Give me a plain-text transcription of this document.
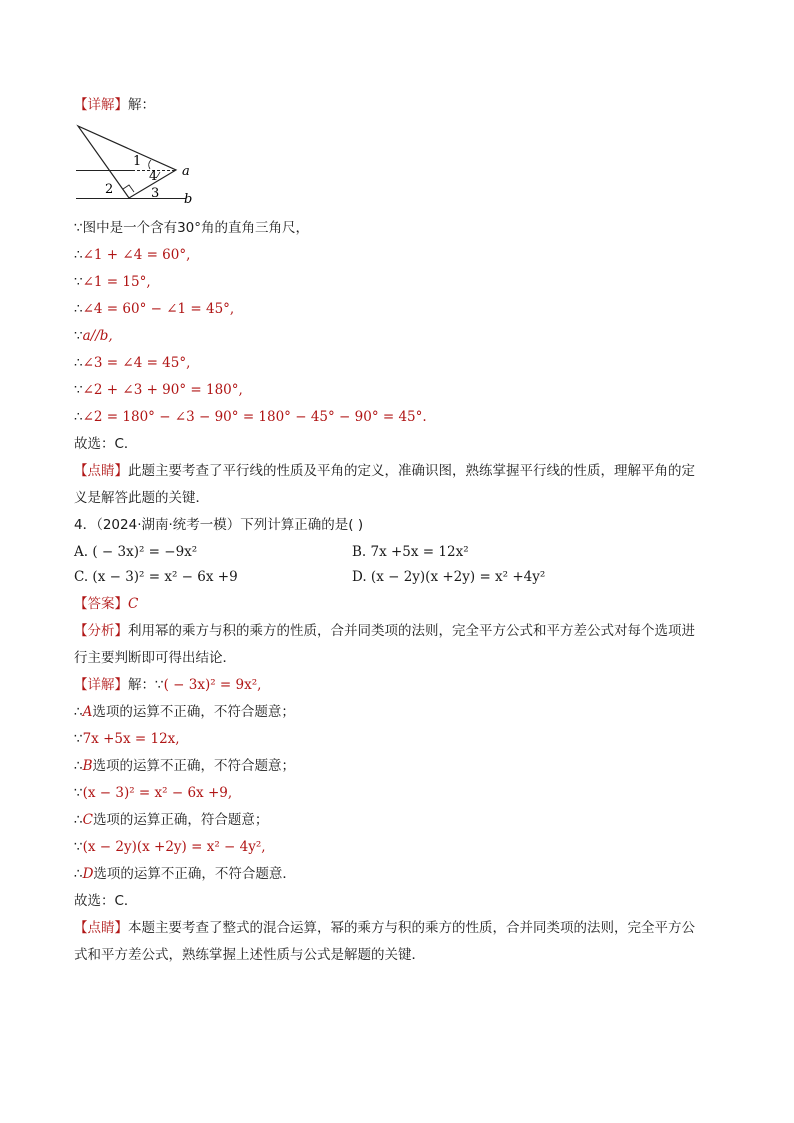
【详解】解：
1
2	3
4 a
b
∵图中是一个含有30°角的直角三角尺，
∴∠1 + ∠4 = 60°,
∵∠1 = 15°,
∴∠4 = 60° − ∠1 = 45°,
∵a//b,
∴∠3 = ∠4 = 45°,
∵∠2 + ∠3 + 90° = 180°,
∴∠2 = 180° − ∠3 − 90° = 180° − 45° − 90° = 45°.
故选：C．
【点睛】此题主要考查了平行线的性质及平角的定义，准确识图，熟练掌握平行线的性质，理解平角的定
义是解答此题的关键．
4．（2024·湖南·统考一模）下列计算正确的是( )
A. ( − 3x)² = −9x²	B. 7x +5x = 12x²
C. (x − 3)² = x² − 6x +9	D. (x − 2y)(x +2y) = x² +4y²
【答案】C
【分析】利用幂的乘方与积的乘方的性质，合并同类项的法则，完全平方公式和平方差公式对每个选项进
行主要判断即可得出结论．
【详解】解：∵( − 3x)² = 9x²,
∴A选项的运算不正确，不符合题意；
∵7x +5x = 12x,
∴B选项的运算不正确，不符合题意；
∵(x − 3)² = x² − 6x +9,
∴C选项的运算正确，符合题意；
∵(x − 2y)(x +2y) = x² − 4y²,
∴D选项的运算不正确，不符合题意．
故选：C．
【点睛】本题主要考查了整式的混合运算，幂的乘方与积的乘方的性质，合并同类项的法则，完全平方公
式和平方差公式，熟练掌握上述性质与公式是解题的关键．
